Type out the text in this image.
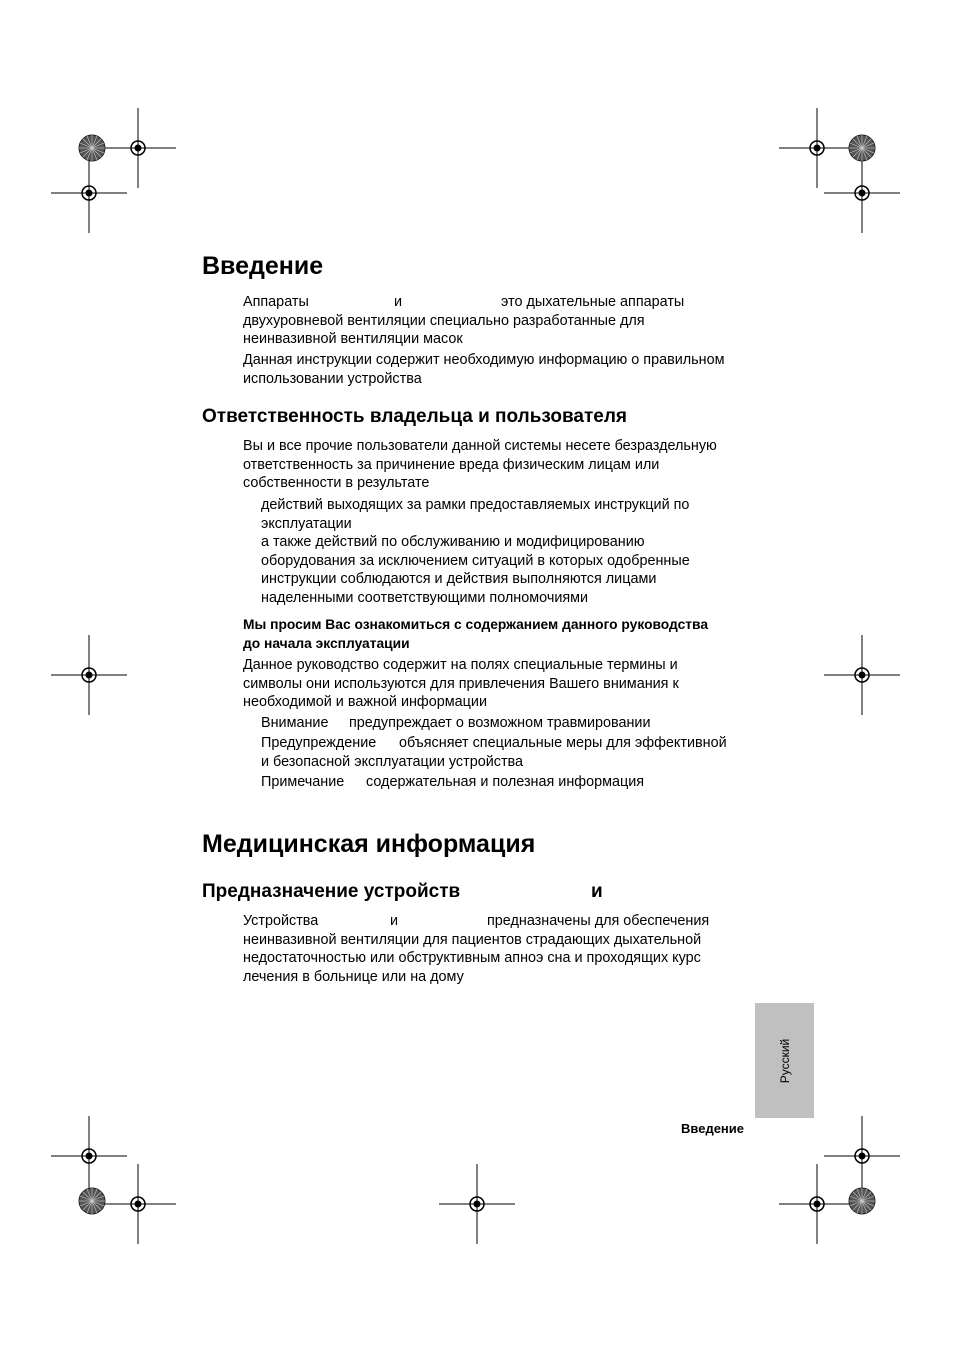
Введение
Аппараты	и	это дыхательные аппараты
двухуровневой вентиляции специально разработанные для
неинвазивной вентиляции масок
Данная инструкции содержит необходимую информацию о правильном
использовании устройства
Ответственность владельца и пользователя
Вы и все прочие пользователи данной системы несете безраздельную
ответственность за причинение вреда физическим лицам или
собственности в результате
действий выходящих за рамки предоставляемых инструкций по
эксплуатации
а также действий по обслуживанию и модифицированию
оборудования за исключением ситуаций в которых одобренные
инструкции соблюдаются и действия выполняются лицами
наделенными соответствующими полномочиями
Мы просим Вас ознакомиться с содержанием данного руководства
до начала эксплуатации
Данное руководство содержит на полях специальные термины и
символы они используются для привлечения Вашего внимания к
необходимой и важной информации
Внимание предупреждает о возможном травмировании
Предупреждение объясняет специальные меры для эффективной
и безопасной эксплуатации устройства
Примечание содержательная и полезная информация
Медицинская информация
Предназначение устройств	и
Устройства	и	предназначены для обеспечения
неинвазивной вентиляции для пациентов страдающих дыхательной
недостаточностью или обструктивным апноэ сна и проходящих курс
лечения в больнице или на дому
Русский
Введение
